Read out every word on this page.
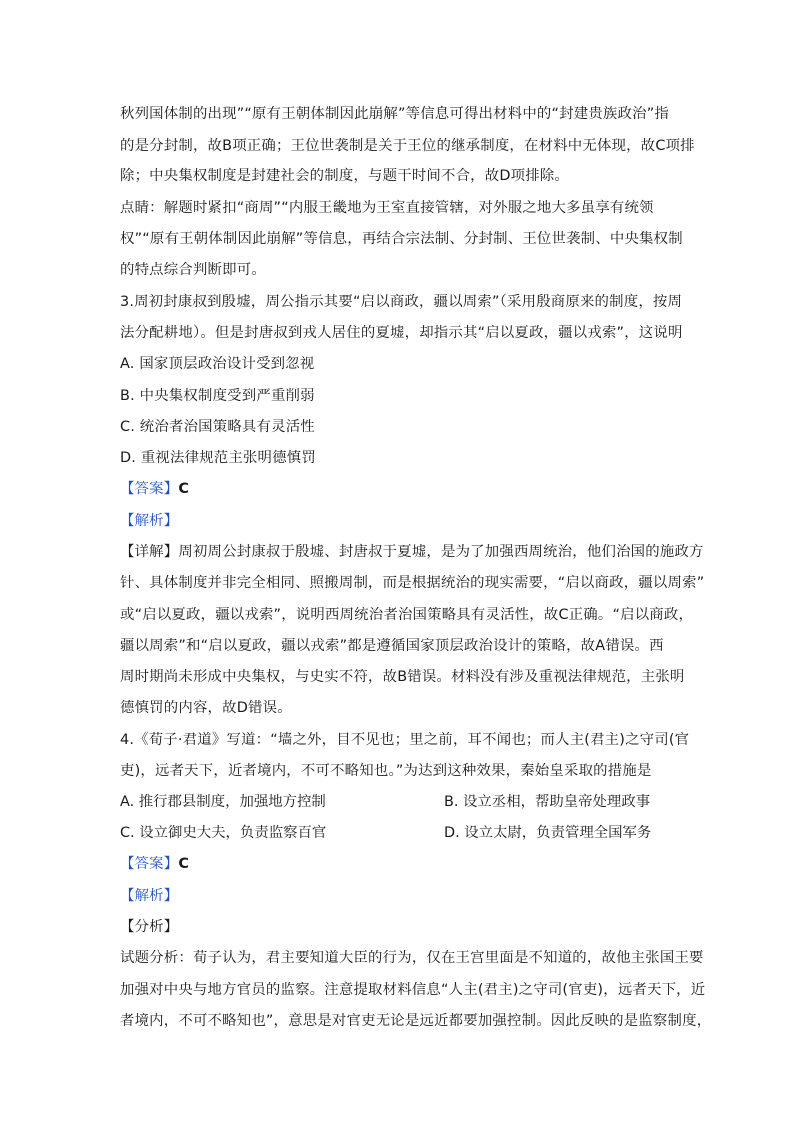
秋列国体制的出现”“原有王朝体制因此崩解”等信息可得出材料中的“封建贵族政治”指
的是分封制，故B项正确；王位世袭制是关于王位的继承制度，在材料中无体现，故C项排
除；中央集权制度是封建社会的制度，与题干时间不合，故D项排除。
点睛：解题时紧扣“商周”“内服王畿地为王室直接管辖，对外服之地大多虽享有统领
权”“原有王朝体制因此崩解”等信息，再结合宗法制、分封制、王位世袭制、中央集权制
的特点综合判断即可。
3.周初封康叔到殷墟，周公指示其要“启以商政，疆以周索”（采用殷商原来的制度，按周
法分配耕地）。但是封唐叔到戎人居住的夏墟，却指示其“启以夏政，疆以戎索”，这说明
A. 国家顶层政治设计受到忽视
B. 中央集权制度受到严重削弱
C. 统治者治国策略具有灵活性
D. 重视法律规范主张明德慎罚
【答案】C
【解析】
【详解】周初周公封康叔于殷墟、封唐叔于夏墟，是为了加强西周统治，他们治国的施政方
针、具体制度并非完全相同、照搬周制，而是根据统治的现实需要，“启以商政，疆以周索”
或“启以夏政，疆以戎索”，说明西周统治者治国策略具有灵活性，故C正确。“启以商政，
疆以周索”和“启以夏政，疆以戎索”都是遵循国家顶层政治设计的策略，故A错误。西
周时期尚未形成中央集权，与史实不符，故B错误。材料没有涉及重视法律规范，主张明
德慎罚的内容，故D错误。
4.《荀子·君道》写道：“墙之外，目不见也；里之前，耳不闻也；而人主(君主)之守司(官
吏)，远者天下，近者境内，不可不略知也。”为达到这种效果，秦始皇采取的措施是
A. 推行郡县制度，加强地方控制	B. 设立丞相，帮助皇帝处理政事
C. 设立御史大夫，负责监察百官	D. 设立太尉，负责管理全国军务
【答案】C
【解析】
【分析】
试题分析：荀子认为，君主要知道大臣的行为，仅在王宫里面是不知道的，故他主张国王要
加强对中央与地方官员的监察。注意提取材料信息“人主(君主)之守司(官吏)，远者天下，近
者境内，不可不略知也”，意思是对官吏无论是远近都要加强控制。因此反映的是监察制度，
